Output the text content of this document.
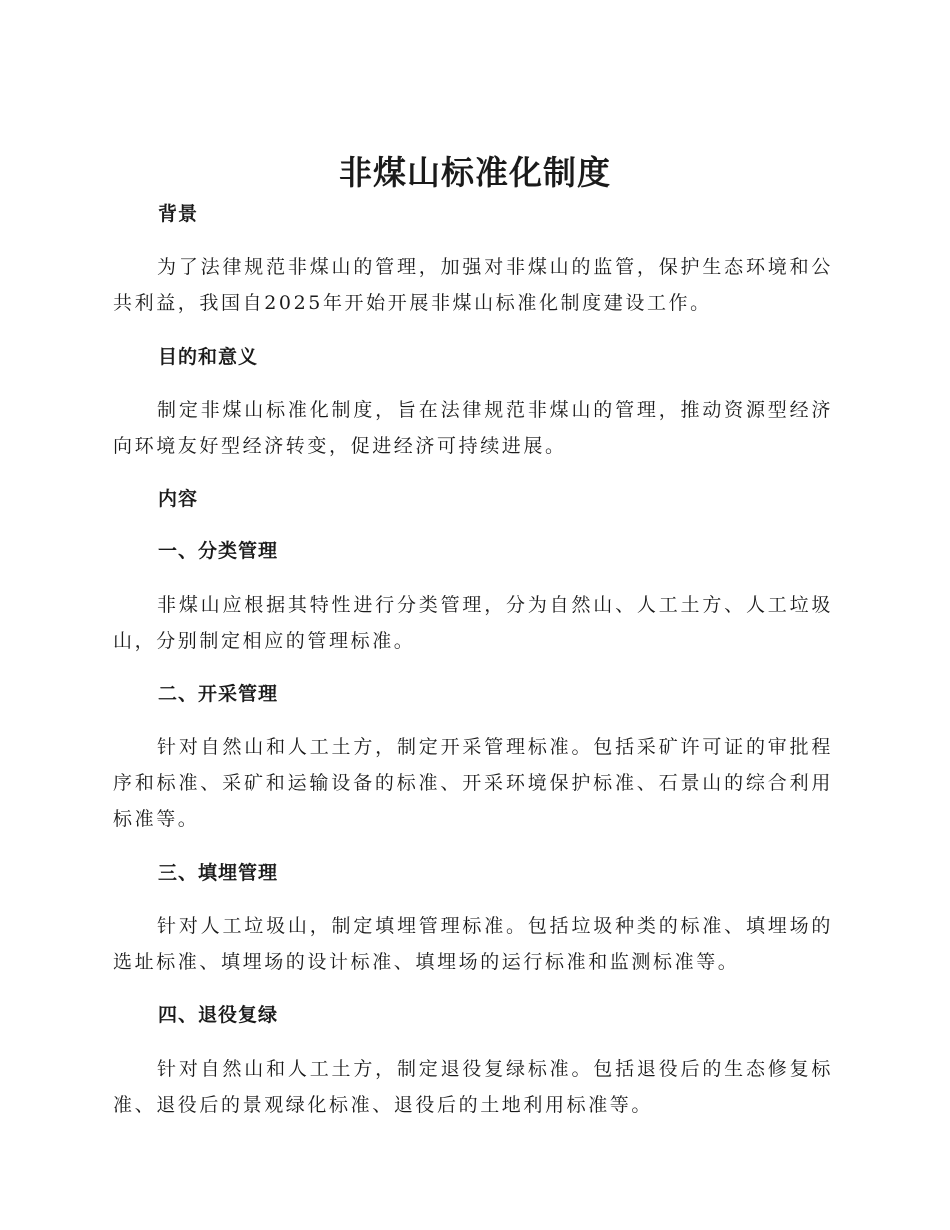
非煤山标准化制度
背景
为了法律规范非煤山的管理，加强对非煤山的监管，保护生态环境和公共利益，我国自2025年开始开展非煤山标准化制度建设工作。
目的和意义
制定非煤山标准化制度，旨在法律规范非煤山的管理，推动资源型经济向环境友好型经济转变，促进经济可持续进展。
内容
一、分类管理
非煤山应根据其特性进行分类管理，分为自然山、人工土方、人工垃圾山，分别制定相应的管理标准。
二、开采管理
针对自然山和人工土方，制定开采管理标准。包括采矿许可证的审批程序和标准、采矿和运输设备的标准、开采环境保护标准、石景山的综合利用标准等。
三、填埋管理
针对人工垃圾山，制定填埋管理标准。包括垃圾种类的标准、填埋场的选址标准、填埋场的设计标准、填埋场的运行标准和监测标准等。
四、退役复绿
针对自然山和人工土方，制定退役复绿标准。包括退役后的生态修复标准、退役后的景观绿化标准、退役后的土地利用标准等。
